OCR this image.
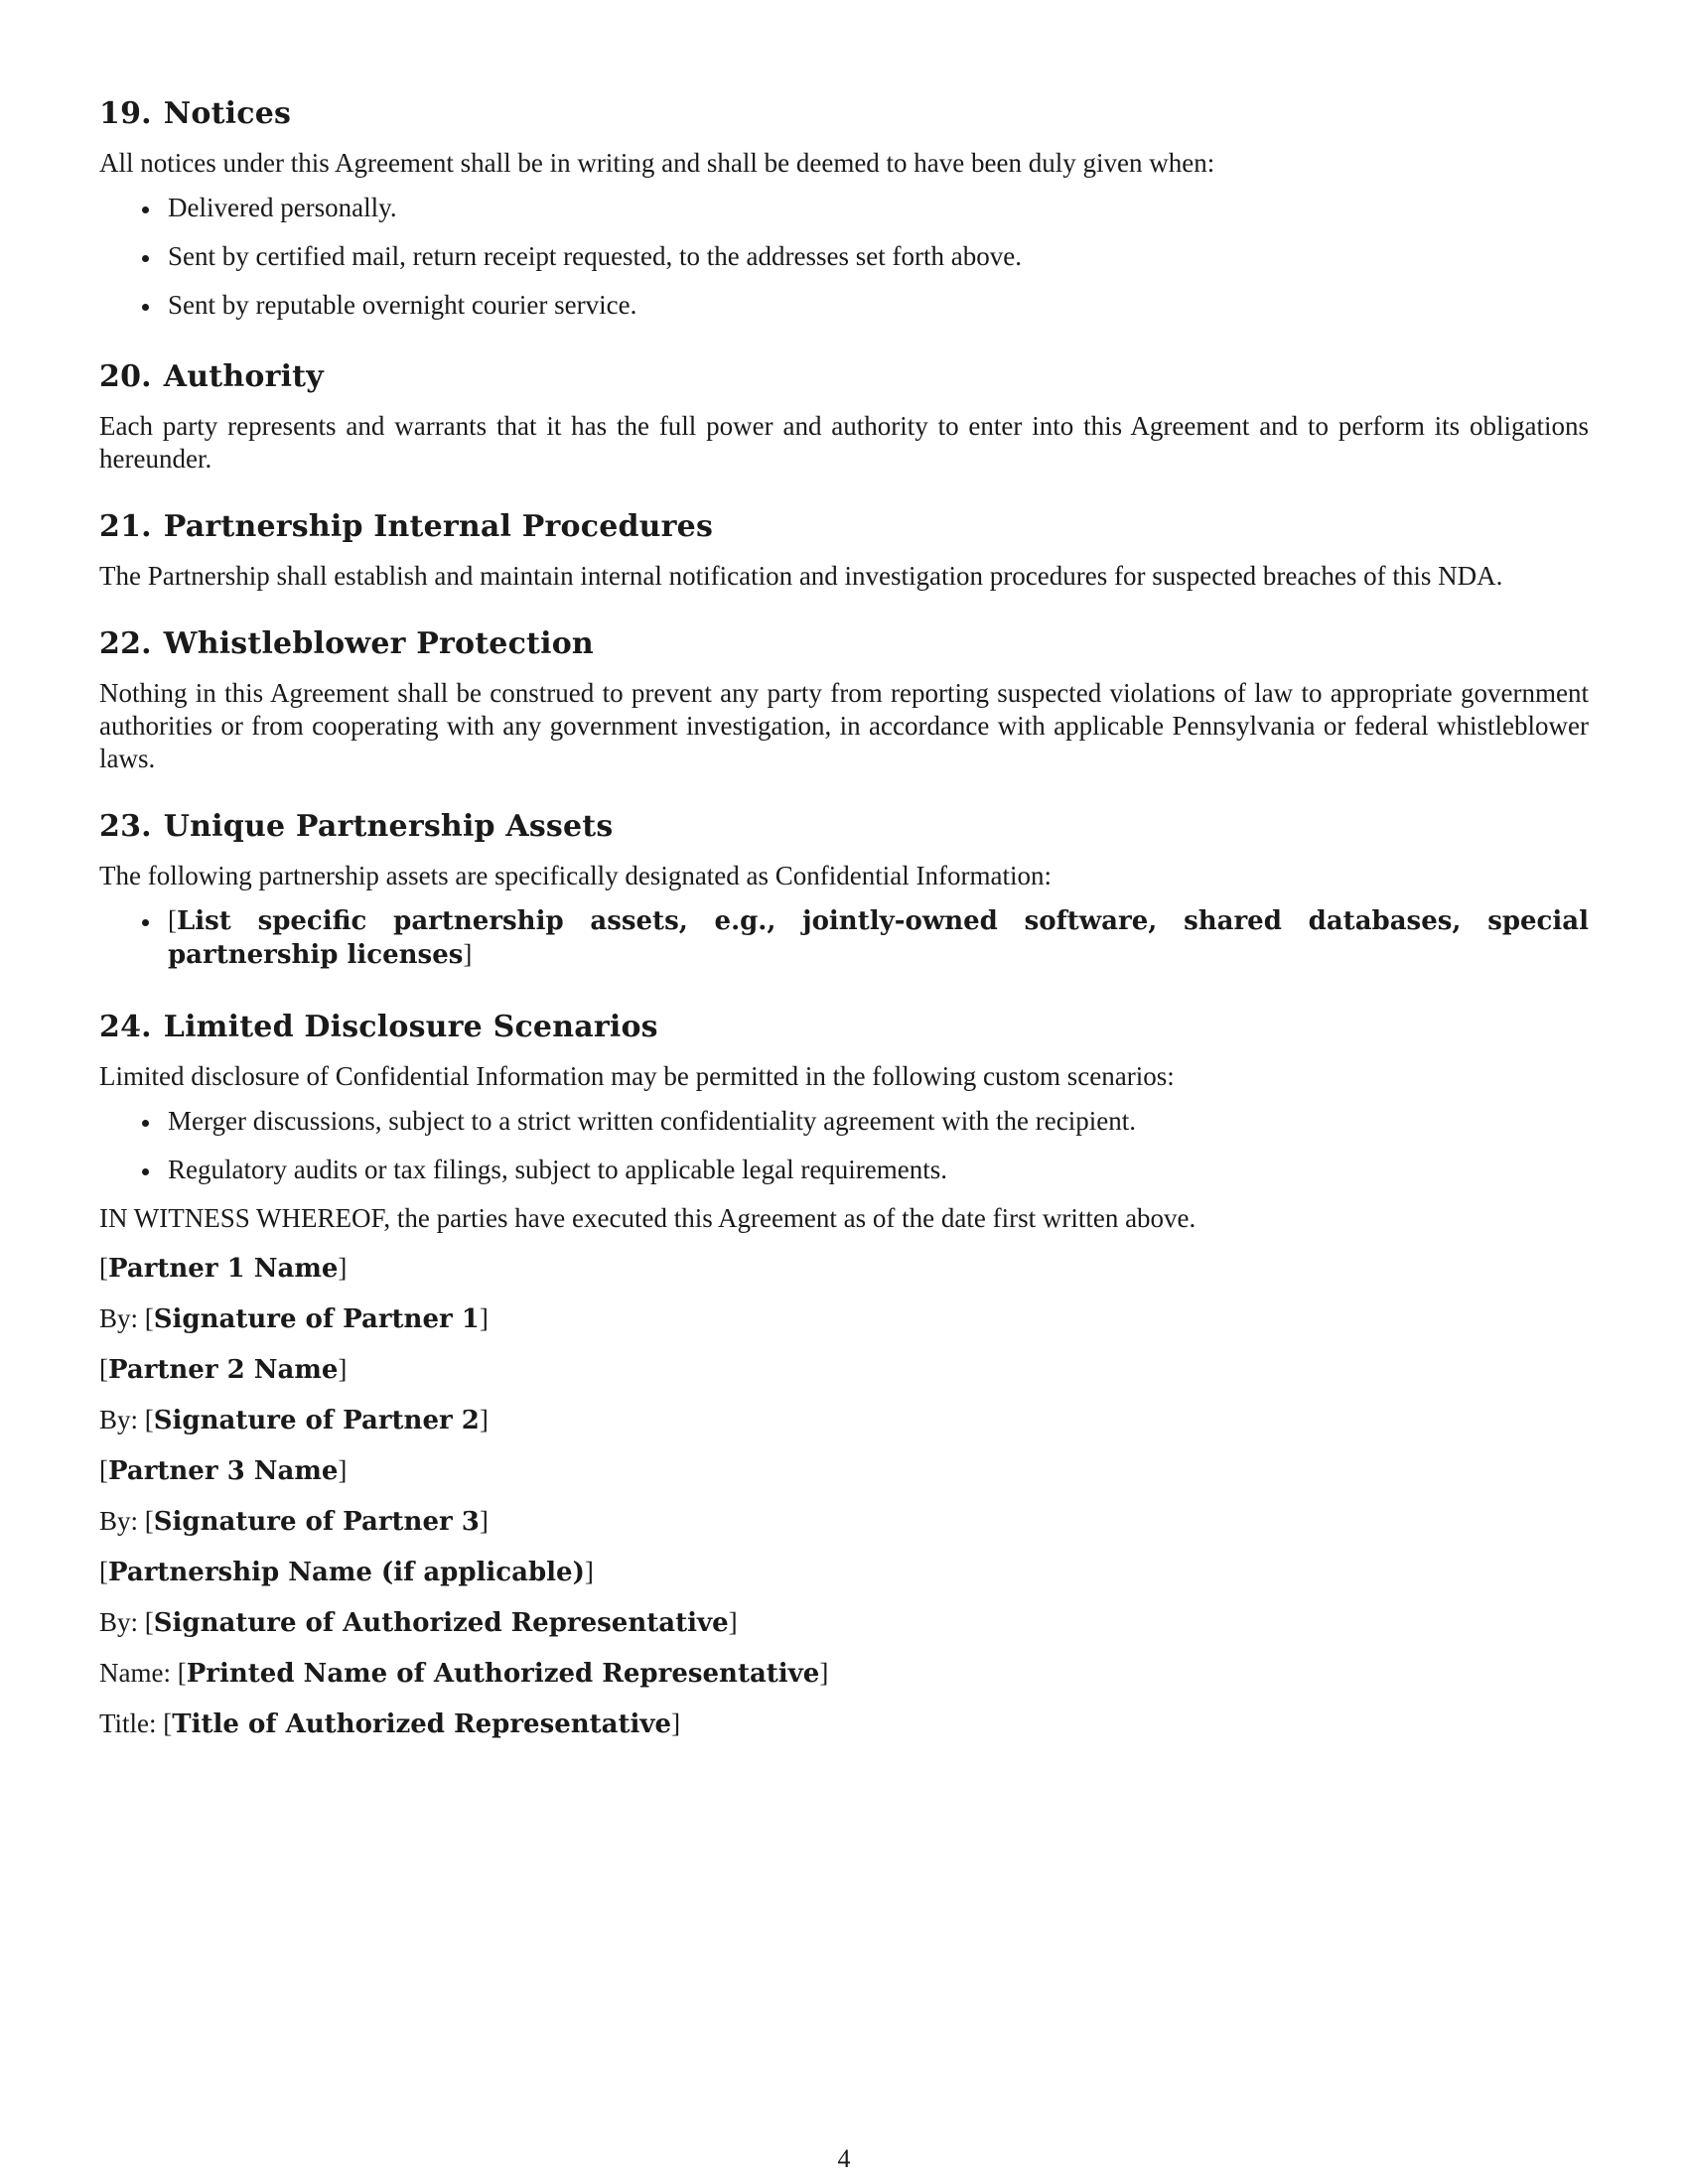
19. Notices

All notices under this Agreement shall be in writing and shall be deemed to have been duly given when:

Delivered personally.
Sent by certified mail, return receipt requested, to the addresses set forth above.
Sent by reputable overnight courier service.
20. Authority

Each party represents and warrants that it has the full power and authority to enter into this Agreement and to perform its obligations hereunder.

21. Partnership Internal Procedures

The Partnership shall establish and maintain internal notification and investigation procedures for suspected breaches of this NDA.

22. Whistleblower Protection

Nothing in this Agreement shall be construed to prevent any party from reporting suspected violations of law to appropriate government authorities or from cooperating with any government investigation, in accordance with applicable Pennsylvania or federal whistleblower laws.

23. Unique Partnership Assets

The following partnership assets are specifically designated as Confidential Information:

[List specific partnership assets, e.g., jointly-owned software, shared databases, special partnership licenses]
24. Limited Disclosure Scenarios

Limited disclosure of Confidential Information may be permitted in the following custom scenarios:

Merger discussions, subject to a strict written confidentiality agreement with the recipient.
Regulatory audits or tax filings, subject to applicable legal requirements.

IN WITNESS WHEREOF, the parties have executed this Agreement as of the date first written above.

[Partner 1 Name]

By: [Signature of Partner 1]

[Partner 2 Name]

By: [Signature of Partner 2]

[Partner 3 Name]

By: [Signature of Partner 3]

[Partnership Name (if applicable)]

By: [Signature of Authorized Representative]

Name: [Printed Name of Authorized Representative]

Title: [Title of Authorized Representative]

4
